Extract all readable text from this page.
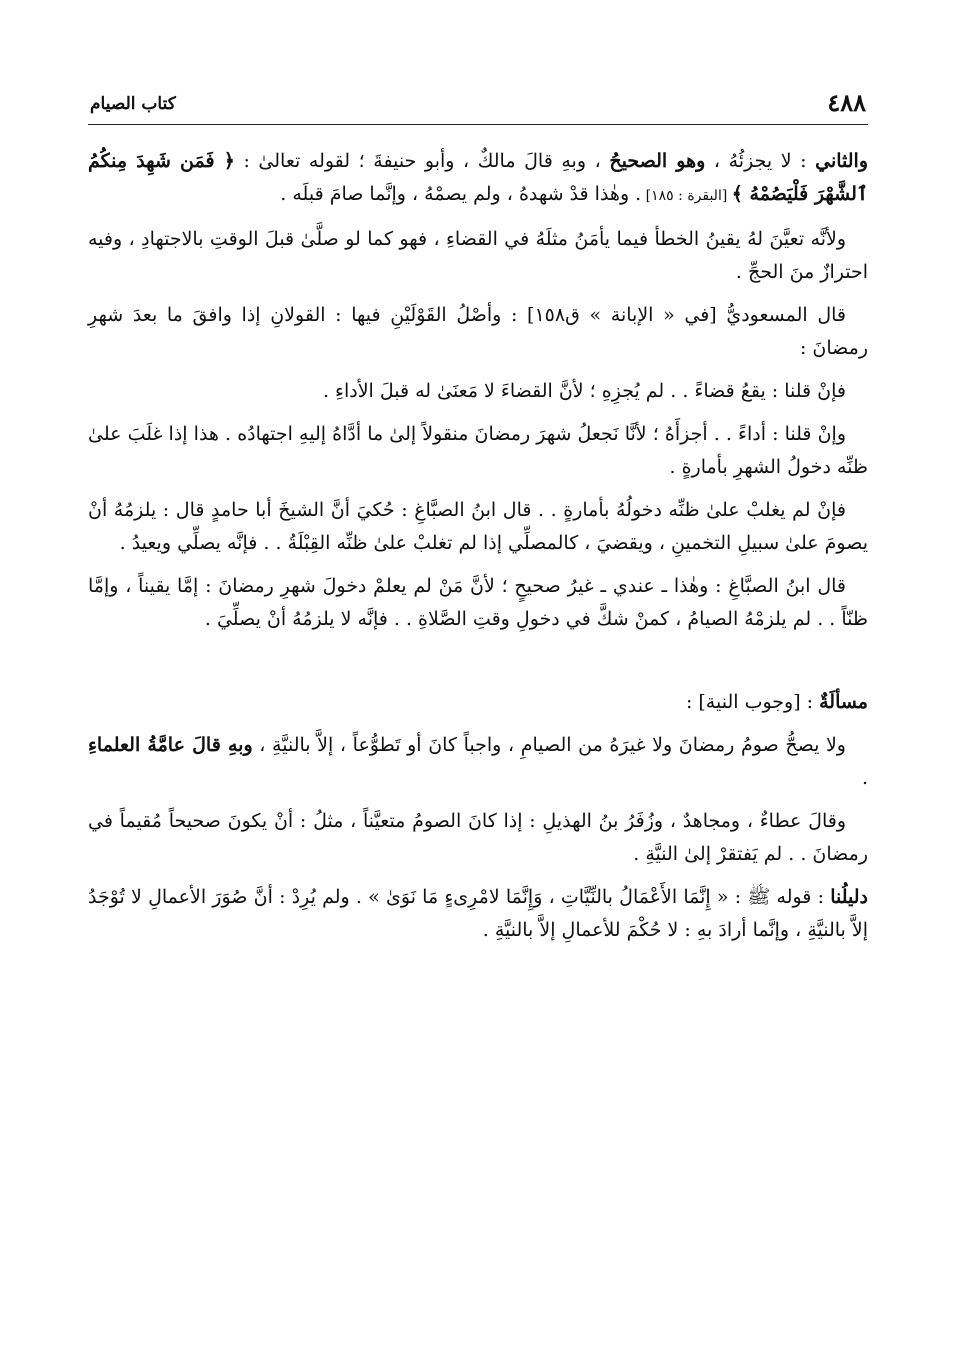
٤٨٨
كتاب الصيام

والثاني : لا يجزئُهُ ، وهو الصحيحُ ، وبهِ قالَ مالكٌ ، وأبو حنيفةَ ؛ لقوله تعالىٰ : ﴿ فَمَن شَهِدَ مِنكُمُ ٱلشَّهْرَ فَلْيَصُمْهُ ﴾ [البقرة : ١٨٥] . وهٰذا قدْ شهدهُ ، ولم يصمْهُ ، وإنَّما صامَ قبلَه .

ولأنَّه تعيَّنَ لهُ يقينُ الخطأ فيما يأمَنُ مثلَهُ في القضاءِ ، فهو كما لو صلَّىٰ قبلَ الوقتِ بالاجتهادِ ، وفيه احترازٌ منَ الحجِّ .

قال المسعوديُّ [في « الإبانة » ق١٥٨] : وأصْلُ القَوْلَيْنِ فيها : القولانِ إذا وافقَ ما بعدَ شهرِ رمضانَ :

فإنْ قلنا : يقعُ قضاءً . . لم يُجزِهِ ؛ لأنَّ القضاءَ لا مَعنَىٰ له قبلَ الأداءِ .

وإنْ قلنا : أداءً . . أجزأَهُ ؛ لأنَّا نَجعلُ شهرَ رمضانَ منقولاً إلىٰ ما أدَّاهُ إليهِ اجتهادُه . هذا إذا غلَبَ علىٰ ظنِّه دخولُ الشهرِ بأمارةٍ .

فإنْ لم يغلبْ علىٰ ظنِّه دخولُهُ بأمارةٍ . . قال ابنُ الصبَّاغِ : حُكيَ أنَّ الشيخَ أبا حامدٍ قال : يلزمُهُ أنْ يصومَ علىٰ سبيلِ التخمينِ ، ويقضيَ ، كالمصلِّي إذا لم تغلبْ علىٰ ظنِّه القِبْلَةُ . . فإنَّه يصلِّي ويعيدُ .

قال ابنُ الصبَّاغِ : وهٰذا ـ عندي ـ غيرُ صحيحٍ ؛ لأنَّ مَنْ لم يعلمْ دخولَ شهرِ رمضانَ : إمَّا يقيناً ، وإمَّا ظنّاً . . لم يلزمْهُ الصيامُ ، كمنْ شكَّ في دخولِ وقتِ الصَّلاةِ . . فإنَّه لا يلزمُهُ أنْ يصلِّيَ .

مسألَةٌ : [وجوب النية] :

ولا يصحُّ صومُ رمضانَ ولا غيرَهُ من الصيامِ ، واجباً كانَ أو تَطوُّعاً ، إلاَّ بالنيَّةِ ، وبهِ قالَ عامَّةُ العلماءِ .

وقالَ عطاءٌ ، ومجاهدٌ ، وزُفَرُ بنُ الهذيلِ : إذا كانَ الصومُ متعيَّناً ، مثلُ : أنْ يكونَ صحيحاً مُقيماً في رمضانَ . . لم يَفتقرْ إلىٰ النيَّةِ .

دليلُنا : قوله ﷺ : « إِنَّمَا الأَعْمَالُ بالنِّيَّاتِ ، وَإِنَّمَا لامْرِىءٍ مَا نَوَىٰ » . ولم يُرِدْ : أنَّ صُوَرَ الأعمالِ لا تُوْجَدُ إلاَّ بالنيَّةِ ، وإنَّما أرادَ بهِ : لا حُكْمَ للأعمالِ إلاَّ بالنيَّةِ .
